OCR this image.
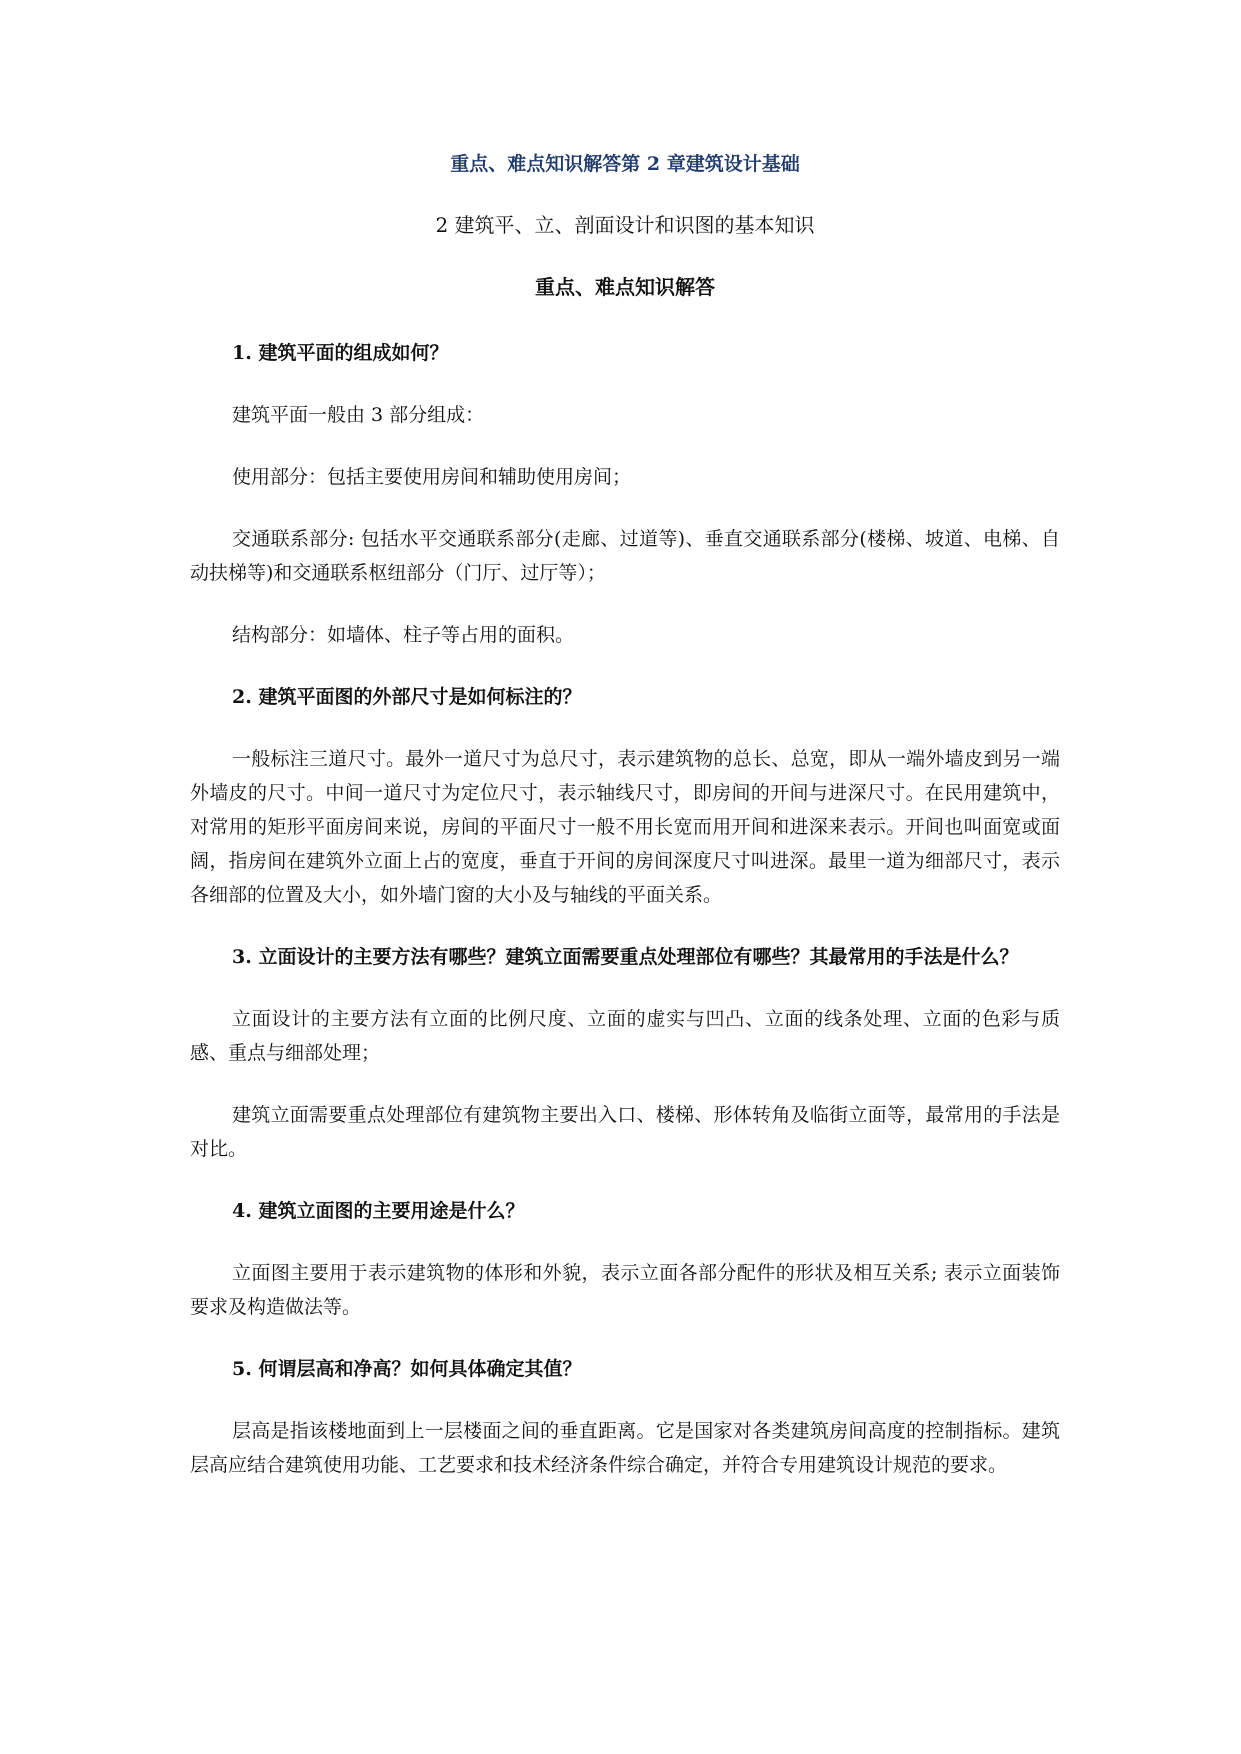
重点、难点知识解答第 2 章建筑设计基础
2 建筑平、立、剖面设计和识图的基本知识
重点、难点知识解答
1. 建筑平面的组成如何？
建筑平面一般由 3 部分组成：
使用部分：包括主要使用房间和辅助使用房间；
交通联系部分: 包括水平交通联系部分(走廊、过道等)、垂直交通联系部分(楼梯、坡道、电梯、自动扶梯等)和交通联系枢纽部分（门厅、过厅等）；
结构部分：如墙体、柱子等占用的面积。
2. 建筑平面图的外部尺寸是如何标注的？
一般标注三道尺寸。最外一道尺寸为总尺寸，表示建筑物的总长、总宽，即从一端外墙皮到另一端外墙皮的尺寸。中间一道尺寸为定位尺寸，表示轴线尺寸，即房间的开间与进深尺寸。在民用建筑中，对常用的矩形平面房间来说，房间的平面尺寸一般不用长宽而用开间和进深来表示。开间也叫面宽或面阔，指房间在建筑外立面上占的宽度，垂直于开间的房间深度尺寸叫进深。最里一道为细部尺寸，表示各细部的位置及大小，如外墙门窗的大小及与轴线的平面关系。
3. 立面设计的主要方法有哪些？建筑立面需要重点处理部位有哪些？其最常用的手法是什么？
立面设计的主要方法有立面的比例尺度、立面的虚实与凹凸、立面的线条处理、立面的色彩与质感、重点与细部处理；
建筑立面需要重点处理部位有建筑物主要出入口、楼梯、形体转角及临街立面等，最常用的手法是对比。
4. 建筑立面图的主要用途是什么？
立面图主要用于表示建筑物的体形和外貌，表示立面各部分配件的形状及相互关系; 表示立面装饰要求及构造做法等。
5. 何谓层高和净高？如何具体确定其值？
层高是指该楼地面到上一层楼面之间的垂直距离。它是国家对各类建筑房间高度的控制指标。建筑层高应结合建筑使用功能、工艺要求和技术经济条件综合确定，并符合专用建筑设计规范的要求。
